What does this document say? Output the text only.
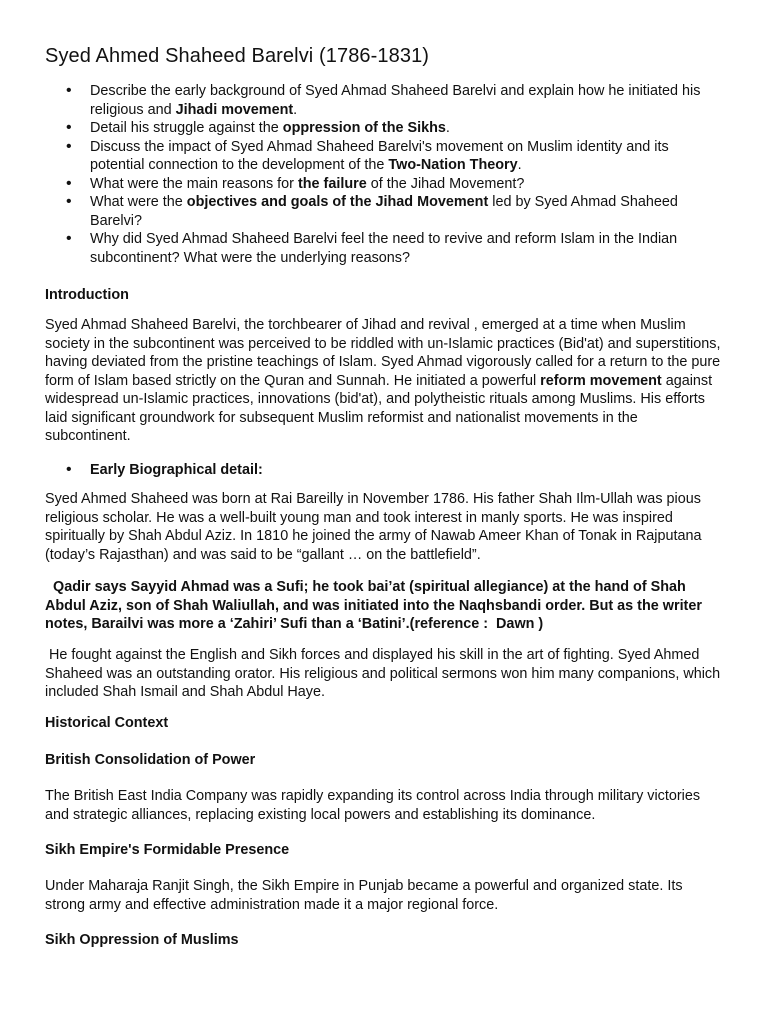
Syed Ahmed Shaheed Barelvi (1786-1831)
• Describe the early background of Syed Ahmad Shaheed Barelvi and explain how he initiated his religious and Jihadi movement.
• Detail his struggle against the oppression of the Sikhs.
• Discuss the impact of Syed Ahmad Shaheed Barelvi's movement on Muslim identity and its potential connection to the development of the Two-Nation Theory.
• What were the main reasons for the failure of the Jihad Movement?
• What were the objectives and goals of the Jihad Movement led by Syed Ahmad Shaheed Barelvi?
• Why did Syed Ahmad Shaheed Barelvi feel the need to revive and reform Islam in the Indian subcontinent? What were the underlying reasons?

Introduction

Syed Ahmad Shaheed Barelvi, the torchbearer of Jihad and revival , emerged at a time when Muslim society in the subcontinent was perceived to be riddled with un-Islamic practices (Bid'at) and superstitions, having deviated from the pristine teachings of Islam. Syed Ahmad vigorously called for a return to the pure form of Islam based strictly on the Quran and Sunnah. He initiated a powerful reform movement against widespread un-Islamic practices, innovations (bid'at), and polytheistic rituals among Muslims. His efforts laid significant groundwork for subsequent Muslim reformist and nationalist movements in the subcontinent.

• Early Biographical detail:

Syed Ahmed Shaheed was born at Rai Bareilly in November 1786. His father Shah Ilm-Ullah was pious religious scholar. He was a well-built young man and took interest in manly sports. He was inspired spiritually by Shah Abdul Aziz. In 1810 he joined the army of Nawab Ameer Khan of Tonak in Rajputana (today’s Rajasthan) and was said to be “gallant … on the battlefield”.

Qadir says Sayyid Ahmad was a Sufi; he took bai’at (spiritual allegiance) at the hand of Shah Abdul Aziz, son of Shah Waliullah, and was initiated into the Naqhsbandi order. But as the writer notes, Barailvi was more a ‘Zahiri’ Sufi than a ‘Batini’.(reference :  Dawn )

He fought against the English and Sikh forces and displayed his skill in the art of fighting. Syed Ahmed Shaheed was an outstanding orator. His religious and political sermons won him many companions, which included Shah Ismail and Shah Abdul Haye.

Historical Context

British Consolidation of Power

The British East India Company was rapidly expanding its control across India through military victories and strategic alliances, replacing existing local powers and establishing its dominance.

Sikh Empire's Formidable Presence

Under Maharaja Ranjit Singh, the Sikh Empire in Punjab became a powerful and organized state. Its strong army and effective administration made it a major regional force.

Sikh Oppression of Muslims
